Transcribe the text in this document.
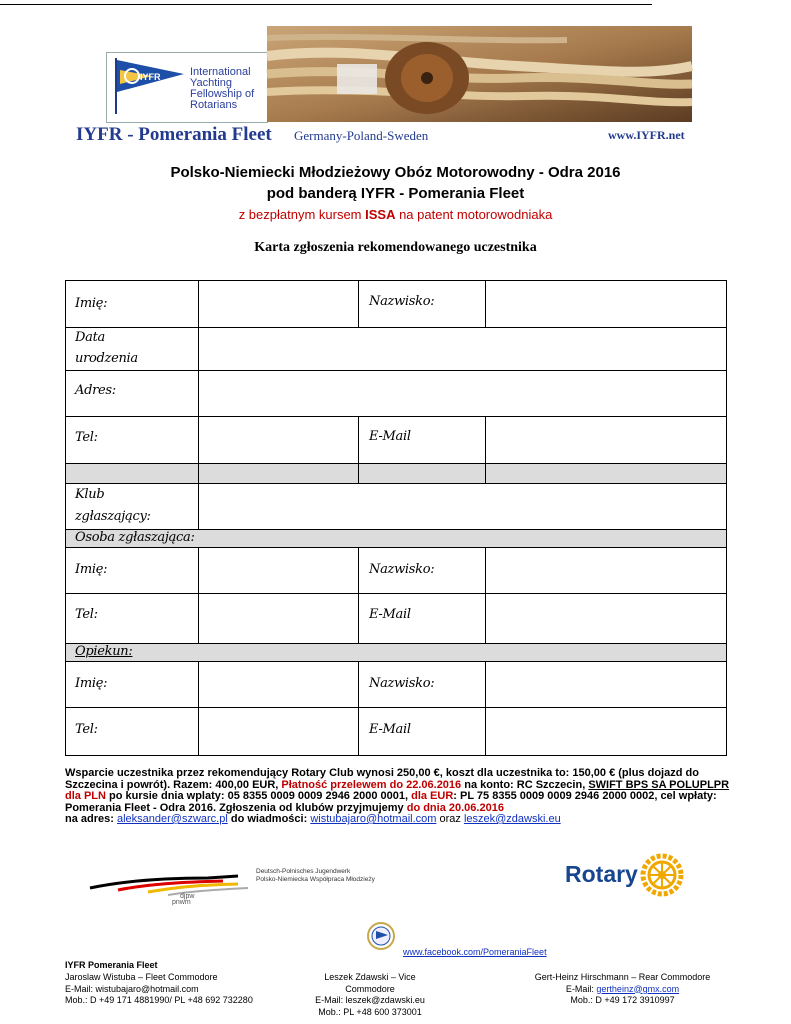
IYFR	International
Yachting
Fellowship of
Rotarians
IYFR - Pomerania Fleet Germany-Poland-Sweden	www.IYFR.net
Polsko-Niemiecki Młodzieżowy Obóz Motorowodny - Odra 2016
pod banderą IYFR - Pomerania Fleet
z bezpłatnym kursem ISSA na patent motorowodniaka
Karta zgłoszenia rekomendowanego uczestnika
Imię:	Nazwisko:
Data
urodzenia
Adres:
Tel:	E-Mail
Klub
zgłaszający:
Osoba zgłaszająca:
Imię:	Nazwisko:
Tel:	E-Mail
Opiekun:
Imię:	Nazwisko:
Tel:	E-Mail
Wsparcie uczestnika przez rekomendujący Rotary Club wynosi 250,00 €, koszt dla uczestnika to: 150,00 € (plus dojazd do Szczecina i powrót). Razem: 400,00 EUR, Płatność przelewem do 22.06.2016 na konto: RC Szczecin, SWIFT BPS SA POLUPLPR dla PLN po kursie dnia wplaty: 05 8355 0009 0009 2946 2000 0001, dla EUR: PL 75 8355 0009 0009 2946 2000 0002, cel wpłaty: Pomerania Fleet - Odra 2016. Zgłoszenia od klubów przyjmujemy do dnia 20.06.2016
na adres: aleksander@szwarc.pl do wiadmości: wistubajaro@hotmail.com oraz leszek@zdawski.eu
djpw
pnwm
Deutsch-Polnisches Jugendwerk
Polsko-Niemiecka Współpraca Młodzieży	Rotary
www.facebook.com/PomeraniaFleet
IYFR Pomerania Fleet
Jaroslaw Wistuba – Fleet Commodore
E-Mail: wistubajaro@hotmail.com
Mob.: D +49 171 4881990/ PL +48 692 732280
Leszek Zdawski – Vice Commodore
E-Mail: leszek@zdawski.eu
Mob.: PL +48 600 373001
Gert-Heinz Hirschmann – Rear Commodore
E-Mail: gertheinz@gmx.com
Mob.: D +49 172 3910997
